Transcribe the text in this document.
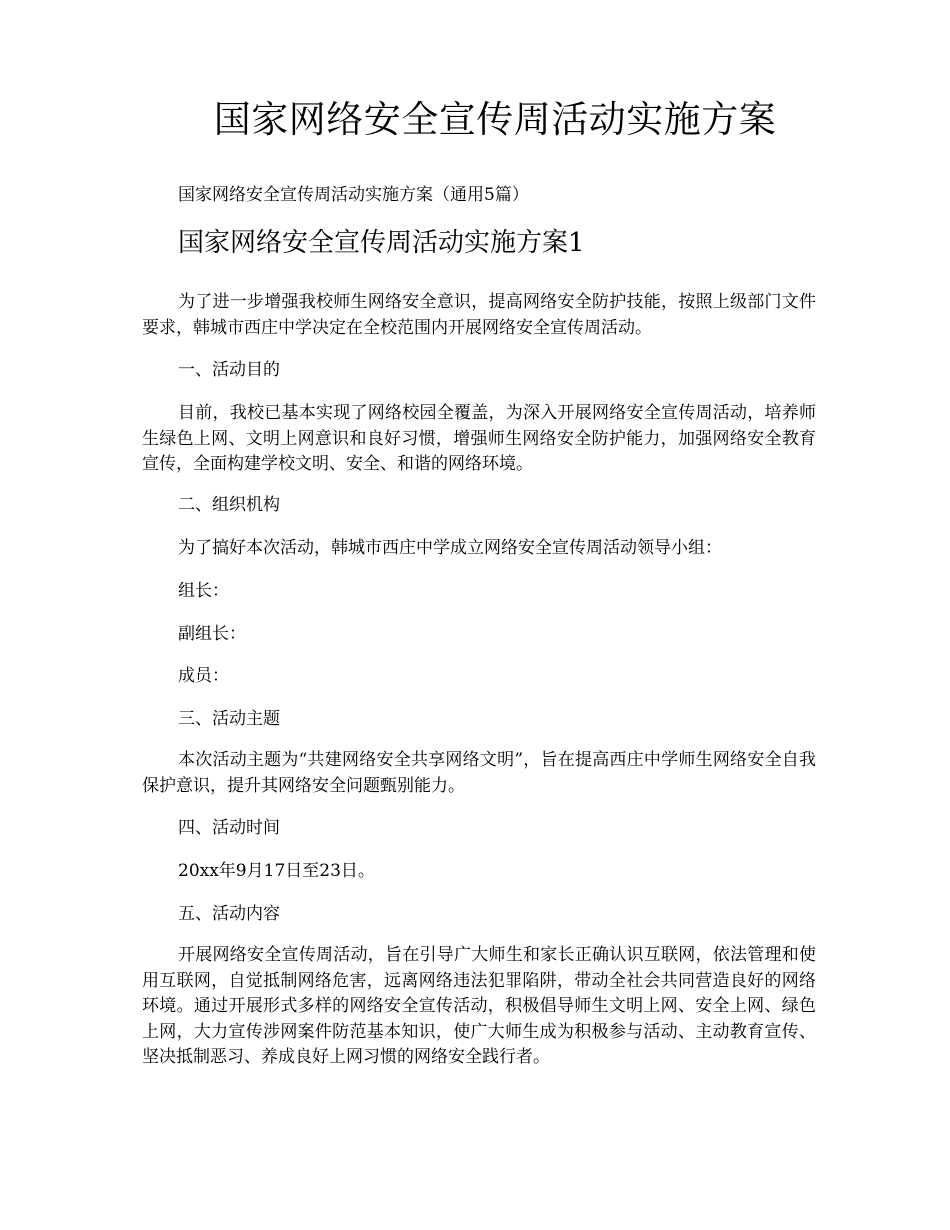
国家网络安全宣传周活动实施方案
国家网络安全宣传周活动实施方案（通用5篇）
国家网络安全宣传周活动实施方案1

为了进一步增强我校师生网络安全意识，提高网络安全防护技能，按照上级部门文件要求，韩城市西庄中学决定在全校范围内开展网络安全宣传周活动。

一、活动目的

目前，我校已基本实现了网络校园全覆盖，为深入开展网络安全宣传周活动，培养师生绿色上网、文明上网意识和良好习惯，增强师生网络安全防护能力，加强网络安全教育宣传，全面构建学校文明、安全、和谐的网络环境。

二、组织机构

为了搞好本次活动，韩城市西庄中学成立网络安全宣传周活动领导小组：

组长：

副组长：

成员：

三、活动主题

本次活动主题为“共建网络安全共享网络文明”，旨在提高西庄中学师生网络安全自我保护意识，提升其网络安全问题甄别能力。

四、活动时间

20xx年9月17日至23日。

五、活动内容

开展网络安全宣传周活动，旨在引导广大师生和家长正确认识互联网，依法管理和使用互联网，自觉抵制网络危害，远离网络违法犯罪陷阱，带动全社会共同营造良好的网络环境。通过开展形式多样的网络安全宣传活动，积极倡导师生文明上网、安全上网、绿色上网，大力宣传涉网案件防范基本知识，使广大师生成为积极参与活动、主动教育宣传、坚决抵制恶习、养成良好上网习惯的网络安全践行者。
